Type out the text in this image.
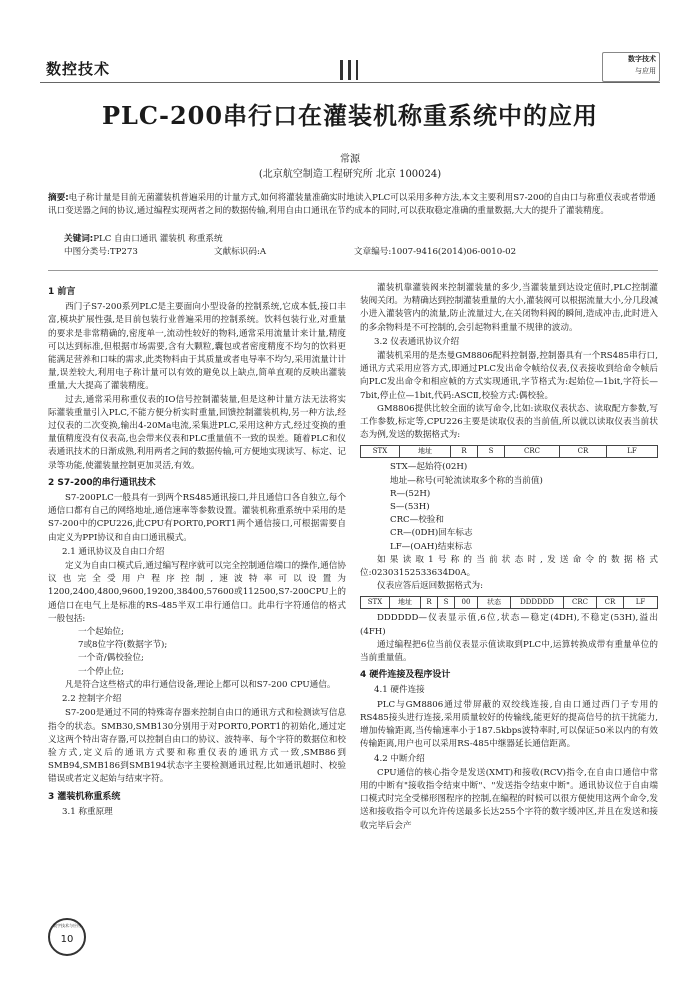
数控技术
数字技术
与应用
PLC-200串行口在灌装机称重系统中的应用
常源
(北京航空制造工程研究所 北京 100024)
摘要:电子称计量是目前无菌灌装机普遍采用的计量方式,如何将灌装量准确实时地读入PLC可以采用多种方法,本文主要利用S7-200的自由口与称重仪表或者带通讯口变送器之间的协议,通过编程实现两者之间的数据传输,利用自由口通讯在节约成本的同时,可以获取稳定准确的重量数据,大大的提升了灌装精度。
关键词:PLC 自由口通讯 灌装机 称重系统
中图分类号:TP273	文献标识码:A	文章编号:1007-9416(2014)06-0010-02
1 前言

西门子S7-200系列PLC是主要面向小型设备的控制系统,它成本低,接口丰富,模块扩展性强,是目前包装行业普遍采用的控制系统。饮料包装行业,对重量的要求是非常精确的,密度单一,流动性较好的物料,通常采用流量计来计量,精度可以达到标准,但根据市场需要,含有大颗粒,囊包或者密度精度不均匀的饮料更能满足营养和口味的需求,此类物料由于其质量或者电导率不均匀,采用流量计计量,误差较大,利用电子称计量可以有效的避免以上缺点,简单直观的反映出灌装重量,大大提高了灌装精度。

过去,通常采用称重仪表的IO信号控制灌装量,但是这种计量方法无法将实际灌装重量引入PLC,不能方便分析实时重量,回馈控制灌装机构,另一种方法,经过仪表的二次变换,输出4-20Ma电流,采集进PLC,采用这种方式,经过变换的重量值精度没有仪表高,也会带来仪表和PLC重量值不一致的误差。随着PLC和仪表通讯技术的日渐成熟,利用两者之间的数据传输,可方便地实现读写、标定、记录等功能,使灌装量控制更加灵活,有效。

2 S7-200的串行通讯技术

S7-200PLC一般具有一到两个RS485通讯接口,并且通信口各自独立,每个通信口都有自己的网络地址,通信速率等参数设置。灌装机称重系统中采用的是S7-200中的CPU226,此CPU有PORT0,PORT1两个通信接口,可根据需要自由定义为PPI协议和自由口通讯模式。

2.1 通讯协议及自由口介绍

定义为自由口模式后,通过编写程序就可以完全控制通信端口的操作,通信协议也完全受用户程序控制,速波特率可以设置为1200,2400,4800,9600,19200,38400,57600或112500,S7-200CPU上的通信口在电气上是标准的RS-485半双工串行通信口。此串行字符通信的格式一般包括:

一个起始位;
7或8位字符(数据字节);
一个奇/偶校验位;
一个停止位;

凡是符合这些格式的串行通信设备,理论上都可以和S7-200 CPU通信。

2.2 控制字介绍

S7-200是通过不同的特殊寄存器来控制自由口的通讯方式和检测读写信息指令的状态。SMB30,SMB130分别用于对PORT0,PORT1的初始化,通过定义这两个特出寄存器,可以控制自由口的协议、波特率、每个字符的数据位和校验方式,定义后的通讯方式要和称重仪表的通讯方式一致,SMB86到SMB94,SMB186到SMB194状态字主要检测通讯过程,比如通讯超时、校验错误或者定义起始与结束字符。

3 灌装机称重系统
3.1 称重原理

灌装机靠灌装阀来控制灌装量的多少,当灌装量到达设定值时,PLC控制灌装阀关闭。为精确达到控制灌装重量的大小,灌装阀可以根据流量大小,分几段减小进入灌装管内的流量,防止流量过大,在关闭物料阀的瞬间,造成冲击,此时进入的多余物料是不可控制的,会引起物料重量不规律的波动。

3.2 仪表通讯协议介绍

灌装机采用的是杰曼GM8806配料控制器,控制器具有一个RS485串行口,通讯方式采用应答方式,即通过PLC发出命令帧给仪表,仪表接收到给命令帧后向PLC发出命令和相应帧的方式实现通讯,字节格式为:起始位—1bit,字符长—7bit,停止位—1bit,代码:ASCⅡ,校验方式:偶校验。

GM8806提供比较全面的读写命令,比如:读取仪表状态、读取配方参数,写工作参数,标定等,CPU226主要是读取仪表的当前值,所以就以读取仪表当前状态为例,发送的数据格式为:

STX	地址	R	S	CRC	CR	LF
STX—起始符(02H)
地址—称号(可轮流读取多个称的当前值)
R—(52H)
S—(53H)
CRC—校验和
CR—(0DH)回车标志
LF—(OAH)结束标志

如果读取1号称的当前状态时,发送命令的数据格式位:02303152533634D0A。

仪表应答后返回数据格式为:

STX	地址	R	S	00	状态	DDDDDD	CRC	CR	LF

DDDDDD—仪表显示值,6位,状态—稳定(4DH),不稳定(53H),溢出(4FH)

通过编程把6位当前仪表显示值读取到PLC中,运算转换成带有重量单位的当前重量值。

4 硬件连接及程序设计
4.1 硬件连接

PLC与GM8806通过带屏蔽的双绞线连接,自由口通过西门子专用的RS485接头进行连接,采用质量较好的传输线,能更好的提高信号的抗干扰能力,增加传输距离,当传输速率小于187.5kbps波特率时,可以保证50米以内的有效传输距离,用户也可以采用RS-485中继器延长通信距离。

4.2 中断介绍

CPU通信的核心指令是发送(XMT)和接收(RCV)指令,在自由口通信中常用的中断有"接收指令结束中断"、"发送指令结束中断"。通讯协议位于自由端口模式时完全受梯形图程序的控制,在编程的时候可以很方便使用这两个命令,发送和接收指令可以允许传送最多长达255个字符的数字缓冲区,并且在发送和接收完毕后会产

数字技术与应用
10
